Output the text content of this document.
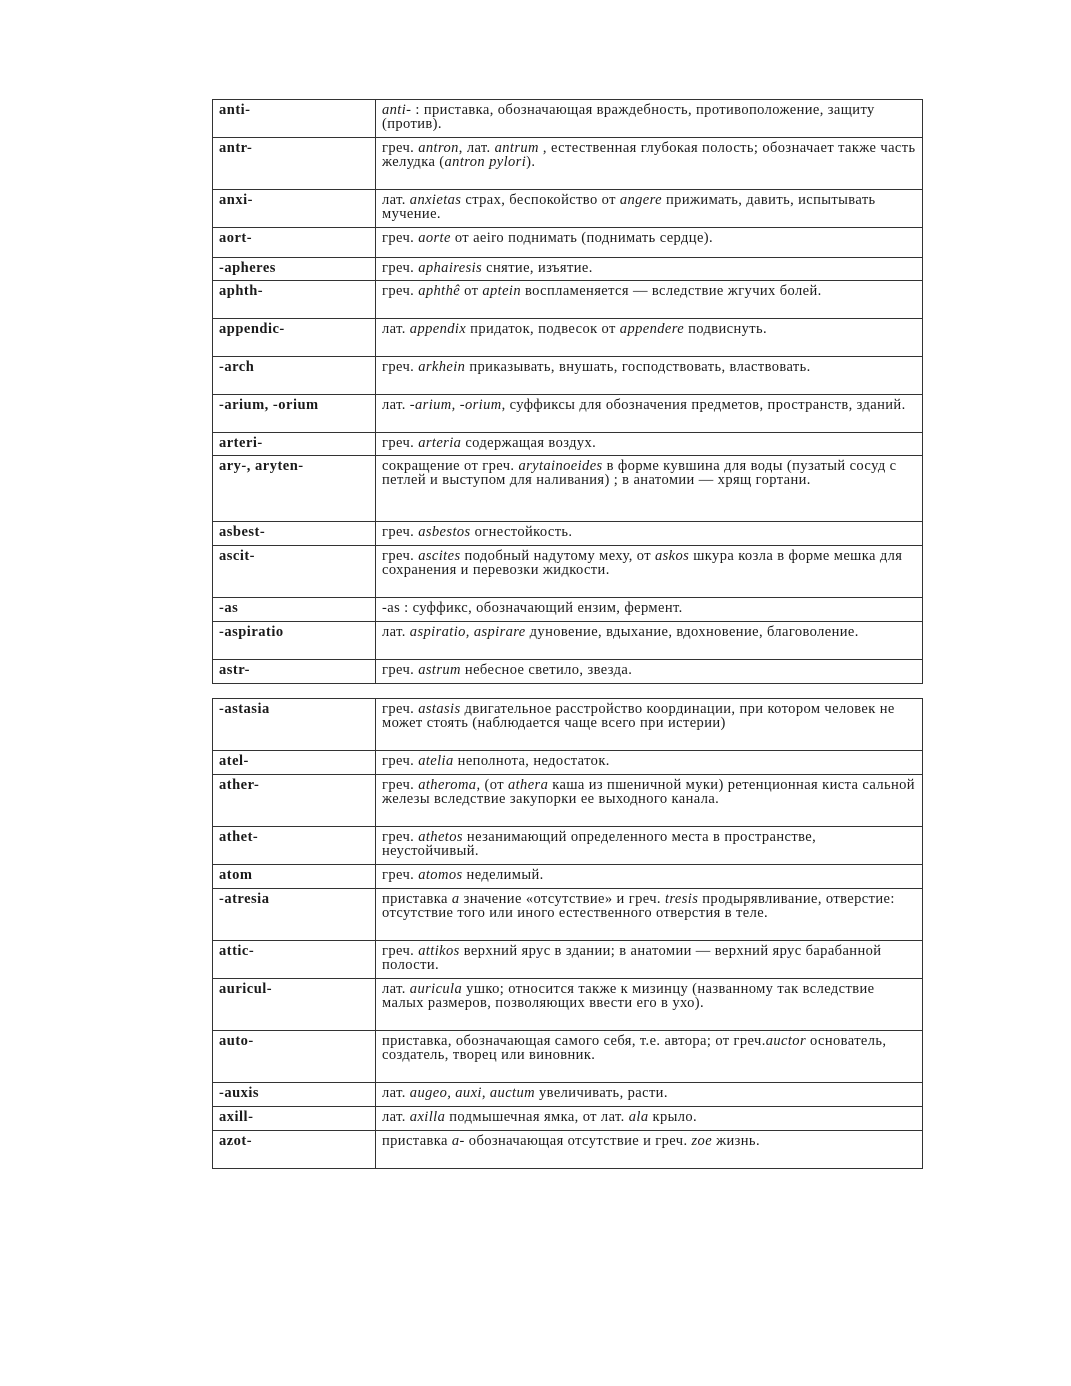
anti-	anti- : приставка, обозначающая враждебность, противоположение, защиту (против).
antr-	греч. antron, лат. antrum , естественная глубокая полость; обозначает также часть желудка (antron pylori).
anxi-	лат. anxietas страх, беспокойство от angere прижимать, давить, испытывать мучение.
aort-	греч. aorte от aeiro поднимать (поднимать сердце).
-apheres	греч. aphairesis снятие, изъятие.
aphth-	греч. aphthê от aptein воспламеняется — вследствие жгучих болей.
appendic-	лат. appendix придаток, подвесок от appendere подвиснуть.
-arch	греч. arkhein приказывать, внушать, господствовать, властвовать.
-arium, -orium	лат. -arium, -orium, суффиксы для обозначения предметов, пространств, зданий.
arteri-	греч. arteria содержащая воздух.
ary-, aryten-	сокращение от греч. arytainoeides в форме кувшина для воды (пузатый сосуд с петлей и выступом для наливания) ; в анатомии — хрящ гортани.
asbest-	греч. asbestos огнестойкость.
ascit-	греч. ascites подобный надутому меху, от askos шкура козла в форме мешка для сохранения и перевозки жидкости.
-as	-as : суффикс, обозначающий ензим, фермент.
-aspiratio	лат. aspiratio, aspirare дуновение, вдыхание, вдохновение, благоволение.
astr-	греч. astrum небесное светило, звезда.
-astasia	греч. astasis двигательное расстройство координации, при котором человек не может стоять (наблюдается чаще всего при истерии)
atel-	греч. atelia неполнота, недостаток.
ather-	греч. atheroma, (от athera каша из пшеничной муки) ретенционная киста сальной железы вследствие закупорки ее выходного канала.
athet-	греч. athetos незанимающий определенного места в пространстве, неустойчивый.
atom	греч. atomos неделимый.
-atresia	приставка a значение «отсутствие» и греч. tresis продырявливание, отверстие: отсутствие того или иного естественного отверстия в теле.
attic-	греч. attikos верхний ярус в здании; в анатомии — верхний ярус барабанной полости.
auricul-	лат. auricula ушко; относится также к мизинцу (названному так вследствие малых размеров, позволяющих ввести его в ухо).
auto-	приставка, обозначающая самого себя, т.е. автора; от греч.auctor основатель, создатель, творец или виновник.
-auxis	лат. augeo, auxi, auctum увеличивать, расти.
axill-	лат. axilla подмышечная ямка, от лат. ala крыло.
azot-	приставка a- обозначающая отсутствие и греч. zoe жизнь.
